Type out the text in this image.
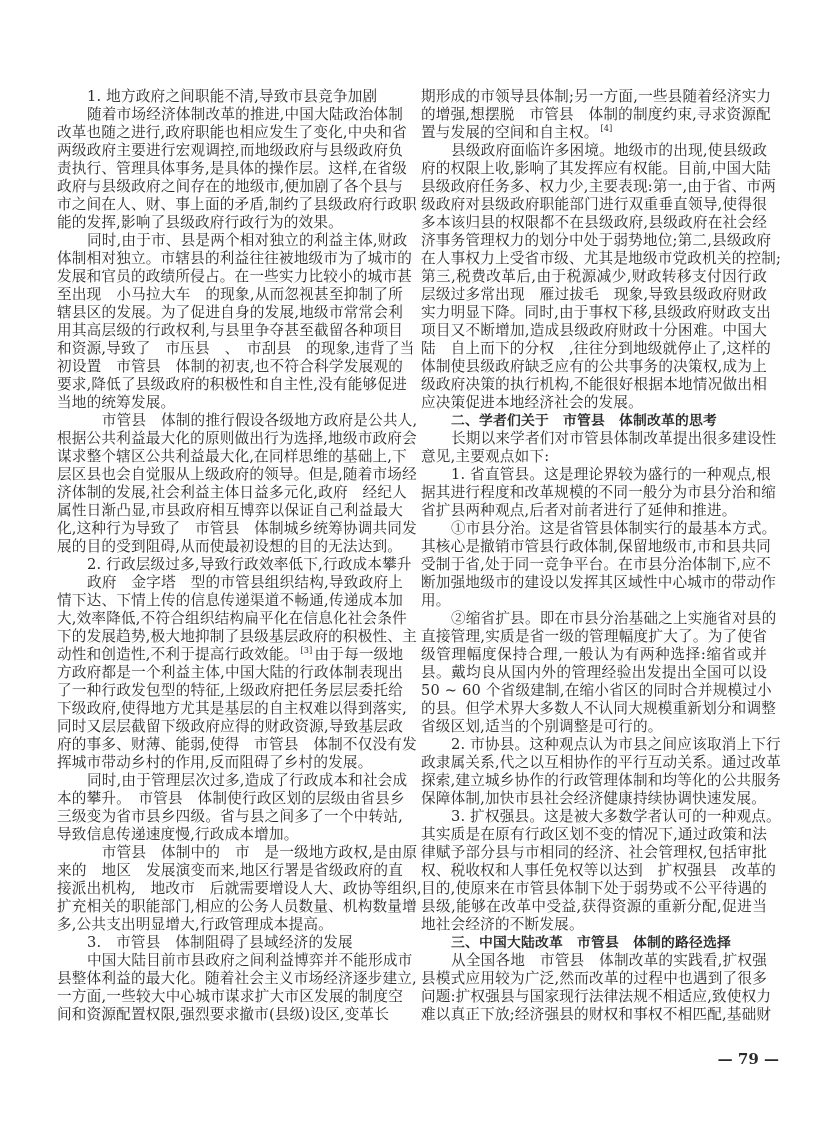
1. 地方政府之间职能不清,导致市县竞争加剧
随着市场经济体制改革的推进,中国大陆政治体制
改革也随之进行,政府职能也相应发生了变化,中央和省
两级政府主要进行宏观调控,而地级政府与县级政府负
责执行、管理具体事务,是具体的操作层。这样,在省级
政府与县级政府之间存在的地级市,便加剧了各个县与
市之间在人、财、事上面的矛盾,制约了县级政府行政职
能的发挥,影响了县级政府行政行为的效果。
同时,由于市、县是两个相对独立的利益主体,财政
体制相对独立。市辖县的利益往往被地级市为了城市的
发展和官员的政绩所侵占。在一些实力比较小的城市甚
至出现　小马拉大车　的现象,从而忽视甚至抑制了所
辖县区的发展。为了促进自身的发展,地级市常常会利
用其高层级的行政权利,与县里争夺甚至截留各种项目
和资源,导致了　市压县　、　市刮县　的现象,违背了当
初设置　市管县　体制的初衷,也不符合科学发展观的
要求,降低了县级政府的积极性和自主性,没有能够促进
当地的统筹发展。
　市管县　体制的推行假设各级地方政府是公共人,
根据公共利益最大化的原则做出行为选择,地级市政府会
谋求整个辖区公共利益最大化,在同样思维的基础上,下
层区县也会自觉服从上级政府的领导。但是,随着市场经
济体制的发展,社会利益主体日益多元化,政府　经纪人
属性日渐凸显,市县政府相互博弈以保证自己利益最大
化,这种行为导致了　市管县　体制城乡统筹协调共同发
展的目的受到阻碍,从而使最初设想的目的无法达到。
2. 行政层级过多,导致行政效率低下,行政成本攀升
政府　金字塔　型的市管县组织结构,导致政府上
情下达、下情上传的信息传递渠道不畅通,传递成本加
大,效率降低,不符合组织结构扁平化在信息化社会条件
下的发展趋势,极大地抑制了县级基层政府的积极性、主
动性和创造性,不利于提高行政效能。 [3] 由于每一级地
方政府都是一个利益主体,中国大陆的行政体制表现出
了一种行政发包型的特征,上级政府把任务层层委托给
下级政府,使得地方尤其是基层的自主权难以得到落实,
同时又层层截留下级政府应得的财政资源,导致基层政
府的事多、财薄、能弱,使得　市管县　体制不仅没有发
挥城市带动乡村的作用,反而阻碍了乡村的发展。
同时,由于管理层次过多,造成了行政成本和社会成
本的攀升。　市管县　体制使行政区划的层级由省县乡
三级变为省市县乡四级。省与县之间多了一个中转站,
导致信息传递速度慢,行政成本增加。
　市管县　体制中的　市　是一级地方政权,是由原
来的　地区　发展演变而来,地区行署是省级政府的直
接派出机构,　地改市　后就需要增设人大、政协等组织,
扩充相关的职能部门,相应的公务人员数量、机构数量增
多,公共支出明显增大,行政管理成本提高。
3.　市管县　体制阻碍了县域经济的发展
中国大陆目前市县政府之间利益博弈并不能形成市
县整体利益的最大化。随着社会主义市场经济逐步建立,
一方面,一些较大中心城市谋求扩大市区发展的制度空
间和资源配置权限,强烈要求撤市(县级)设区,变革长
期形成的市领导县体制;另一方面,一些县随着经济实力
的增强,想摆脱　市管县　体制的制度约束,寻求资源配
置与发展的空间和自主权。 [4]
县级政府面临许多困境。地级市的出现,使县级政
府的权限上收,影响了其发挥应有权能。目前,中国大陆
县级政府任务多、权力少,主要表现:第一,由于省、市两
级政府对县级政府职能部门进行双重垂直领导,使得很
多本该归县的权限都不在县级政府,县级政府在社会经
济事务管理权力的划分中处于弱势地位;第二,县级政府
在人事权力上受省市级、尤其是地级市党政机关的控制;
第三,税费改革后,由于税源减少,财政转移支付因行政
层级过多常出现　雁过拔毛　现象,导致县级政府财政
实力明显下降。同时,由于事权下移,县级政府财政支出
项目又不断增加,造成县级政府财政十分困难。中国大
陆　自上而下的分权　,往往分到地级就停止了,这样的
体制使县级政府缺乏应有的公共事务的决策权,成为上
级政府决策的执行机构,不能很好根据本地情况做出相
应决策促进本地经济社会的发展。
二、学者们关于　市管县　体制改革的思考
长期以来学者们对市管县体制改革提出很多建设性
意见,主要观点如下:
1. 省直管县。这是理论界较为盛行的一种观点,根
据其进行程度和改革规模的不同一般分为市县分治和缩
省扩县两种观点,后者对前者进行了延伸和推进。
①市县分治。这是省管县体制实行的最基本方式。
其核心是撤销市管县行政体制,保留地级市,市和县共同
受制于省,处于同一竞争平台。在市县分治体制下,应不
断加强地级市的建设以发挥其区域性中心城市的带动作
用。
②缩省扩县。即在市县分治基础之上实施省对县的
直接管理,实质是省一级的管理幅度扩大了。为了使省
级管理幅度保持合理,一般认为有两种选择:缩省或并
县。戴均良从国内外的管理经验出发提出全国可以设
50 ~ 60 个省级建制,在缩小省区的同时合并规模过小
的县。但学术界大多数人不认同大规模重新划分和调整
省级区划,适当的个别调整是可行的。
2. 市协县。这种观点认为市县之间应该取消上下行
政隶属关系,代之以互相协作的平行互动关系。通过改革
探索,建立城乡协作的行政管理体制和均等化的公共服务
保障体制,加快市县社会经济健康持续协调快速发展。
3. 扩权强县。这是被大多数学者认可的一种观点。
其实质是在原有行政区划不变的情况下,通过政策和法
律赋予部分县与市相同的经济、社会管理权,包括审批
权、税收权和人事任免权等以达到　扩权强县　改革的
目的,使原来在市管县体制下处于弱势或不公平待遇的
县级,能够在改革中受益,获得资源的重新分配,促进当
地社会经济的不断发展。
三、中国大陆改革　市管县　体制的路径选择
从全国各地　市管县　体制改革的实践看,扩权强
县模式应用较为广泛,然而改革的过程中也遇到了很多
问题:扩权强县与国家现行法律法规不相适应,致使权力
难以真正下放;经济强县的财权和事权不相匹配,基础财
— 79 —
